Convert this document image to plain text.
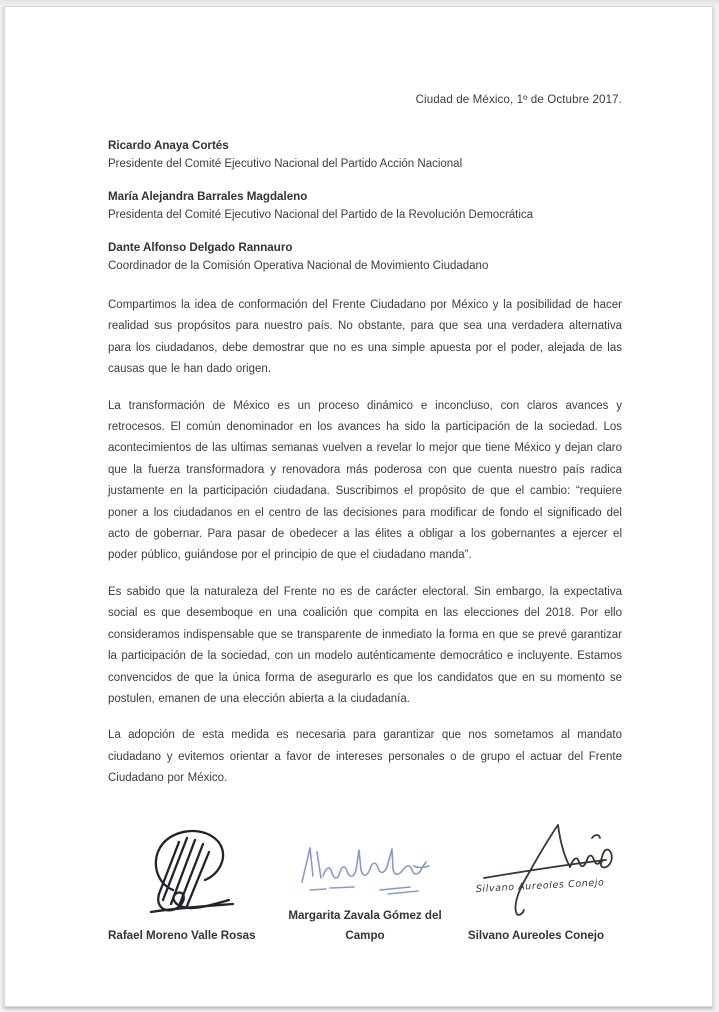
Ciudad de México, 1º de Octubre 2017.
Ricardo Anaya Cortés
Presidente del Comité Ejecutivo Nacional del Partido Acción Nacional
María Alejandra Barrales Magdaleno
Presidenta del Comité Ejecutivo Nacional del Partido de la Revolución Democrática
Dante Alfonso Delgado Rannauro
Coordinador de la Comisión Operativa Nacional de Movimiento Ciudadano

Compartimos la idea de conformación del Frente Ciudadano por México y la posibilidad de hacer realidad sus propósitos para nuestro país. No obstante, para que sea una verdadera alternativa para los ciudadanos, debe demostrar que no es una simple apuesta por el poder, alejada de las causas que le han dado origen.

La transformación de México es un proceso dinámico e inconcluso, con claros avances y retrocesos. El común denominador en los avances ha sido la participación de la sociedad. Los acontecimientos de las ultimas semanas vuelven a revelar lo mejor que tiene México y dejan claro que la fuerza transformadora y renovadora más poderosa con que cuenta nuestro país radica justamente en la participación ciudadana. Suscribimos el propósito de que el cambio: “requiere poner a los ciudadanos en el centro de las decisiones para modificar de fondo el significado del acto de gobernar. Para pasar de obedecer a las élites a obligar a los gobernantes a ejercer el poder público, guiándose por el principio de que el ciudadano manda”.

Es sabido que la naturaleza del Frente no es de carácter electoral. Sin embargo, la expectativa social es que desemboque en una coalición que compita en las elecciones del 2018. Por ello consideramos indispensable que se transparente de inmediato la forma en que se prevé garantizar la participación de la sociedad, con un modelo auténticamente democrático e incluyente. Estamos convencidos de que la única forma de asegurarlo es que los candidatos que en su momento se postulen, emanen de una elección abierta a la ciudadanía.

La adopción de esta medida es necesaria para garantizar que nos sometamos al mandato ciudadano y evitemos orientar a favor de intereses personales o de grupo el actuar del Frente Ciudadano por México.

Rafael Moreno Valle Rosas
Margarita Zavala Gómez del Campo
Silvano Aureoles Conejo
Silvano Aureoles Conejo
